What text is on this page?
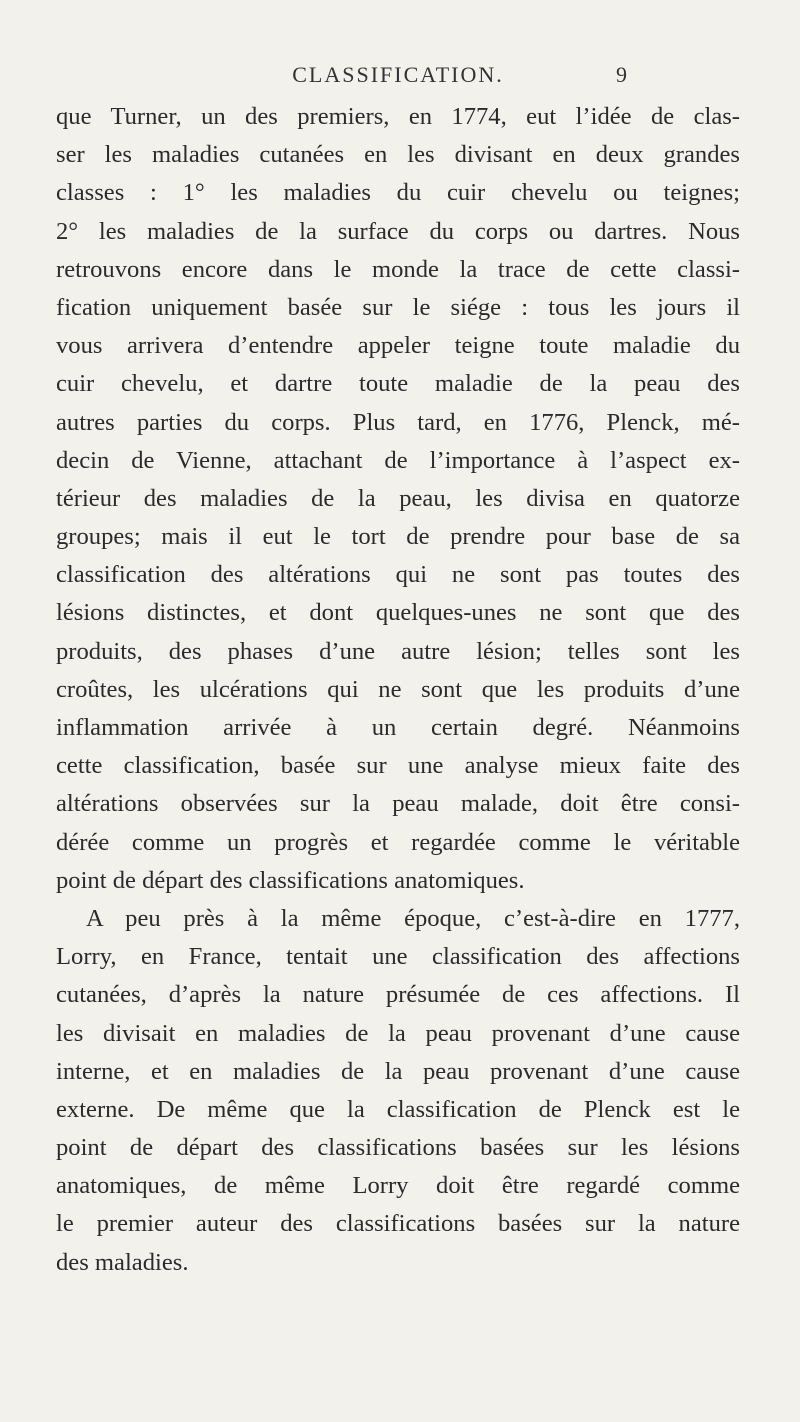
CLASSIFICATION.	9
que Turner, un des premiers, en 1774, eut l’idée de clas-
ser les maladies cutanées en les divisant en deux grandes
classes : 1° les maladies du cuir chevelu ou teignes;
2° les maladies de la surface du corps ou dartres. Nous
retrouvons encore dans le monde la trace de cette classi-
fication uniquement basée sur le siége : tous les jours il
vous arrivera d’entendre appeler teigne toute maladie du
cuir chevelu, et dartre toute maladie de la peau des
autres parties du corps. Plus tard, en 1776, Plenck, mé-
decin de Vienne, attachant de l’importance à l’aspect ex-
térieur des maladies de la peau, les divisa en quatorze
groupes; mais il eut le tort de prendre pour base de sa
classification des altérations qui ne sont pas toutes des
lésions distinctes, et dont quelques-unes ne sont que des
produits, des phases d’une autre lésion; telles sont les
croûtes, les ulcérations qui ne sont que les produits d’une
inflammation arrivée à un certain degré. Néanmoins
cette classification, basée sur une analyse mieux faite des
altérations observées sur la peau malade, doit être consi-
dérée comme un progrès et regardée comme le véritable
point de départ des classifications anatomiques.
A peu près à la même époque, c’est-à-dire en 1777,
Lorry, en France, tentait une classification des affections
cutanées, d’après la nature présumée de ces affections. Il
les divisait en maladies de la peau provenant d’une cause
interne, et en maladies de la peau provenant d’une cause
externe. De même que la classification de Plenck est le
point de départ des classifications basées sur les lésions
anatomiques, de même Lorry doit être regardé comme
le premier auteur des classifications basées sur la nature
des maladies.
